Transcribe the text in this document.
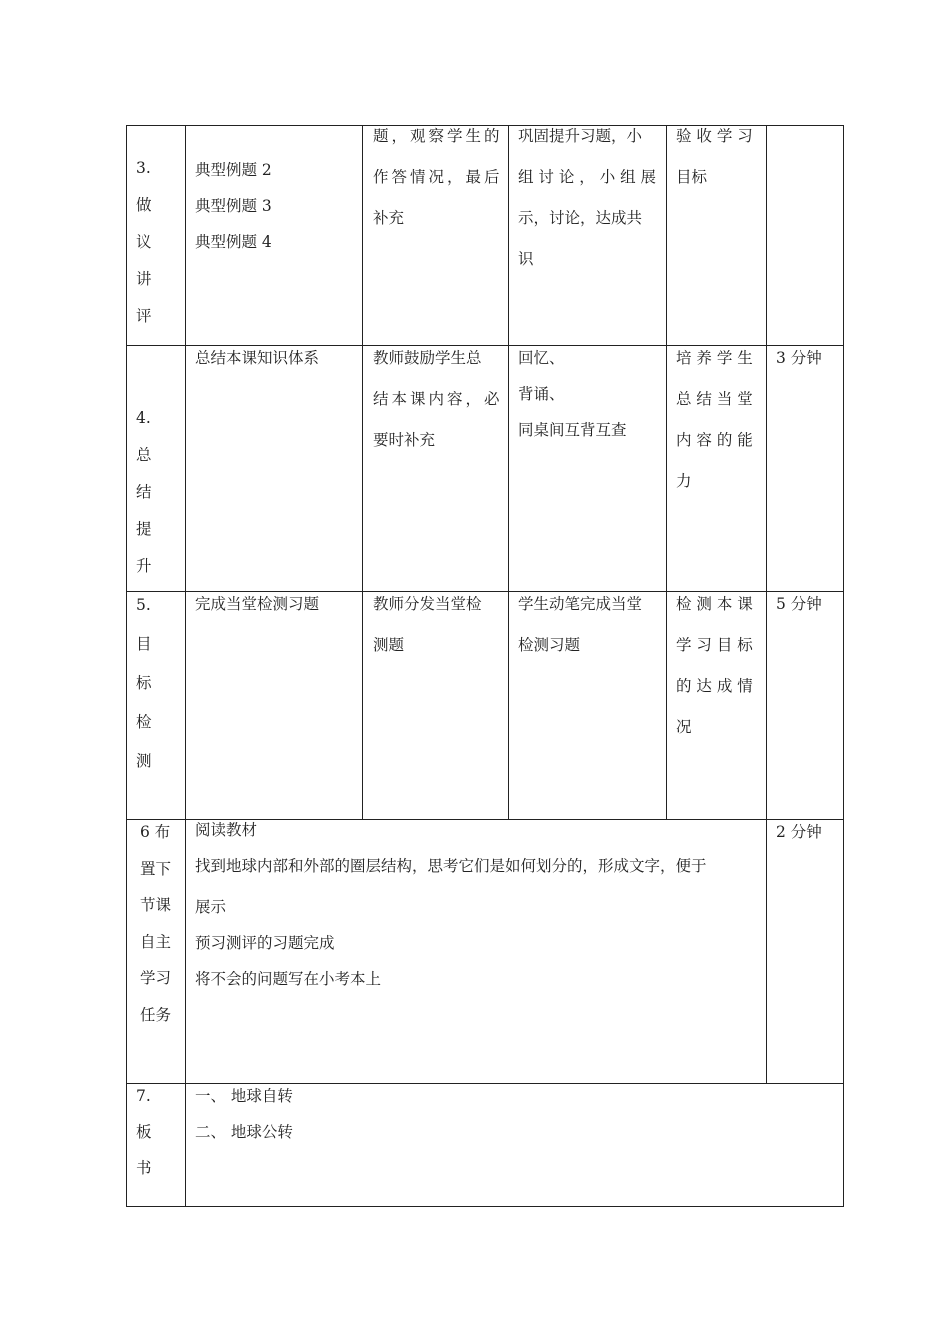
3.
做
议
讲
评
典型例题 2
典型例题 3
典型例题 4
题，观察学生的
作答情况，最后
补充
巩固提升习题，小
组 讨 论 ， 小 组 展
示，讨论，达成共
识
验 收 学 习
目标
4.
总
结
提
升
总结本课知识体系	教师鼓励学生总
结本课内容，必
要时补充
回忆、
背诵、
同桌间互背互查
培 养 学 生
总 结 当 堂
内 容 的 能
力
3 分钟
5.
目
标
检
测
完成当堂检测习题	教师分发当堂检
测题
学生动笔完成当堂
检测习题
检 测 本 课
学 习 目 标
的 达 成 情
况
5 分钟
6 布
置下
节课
自主
学习
任务
阅读教材
找到地球内部和外部的圈层结构，思考它们是如何划分的，形成文字，便于
展示
预习测评的习题完成
将不会的问题写在小考本上
2 分钟
7.
板
书
一、 地球自转
二、 地球公转
